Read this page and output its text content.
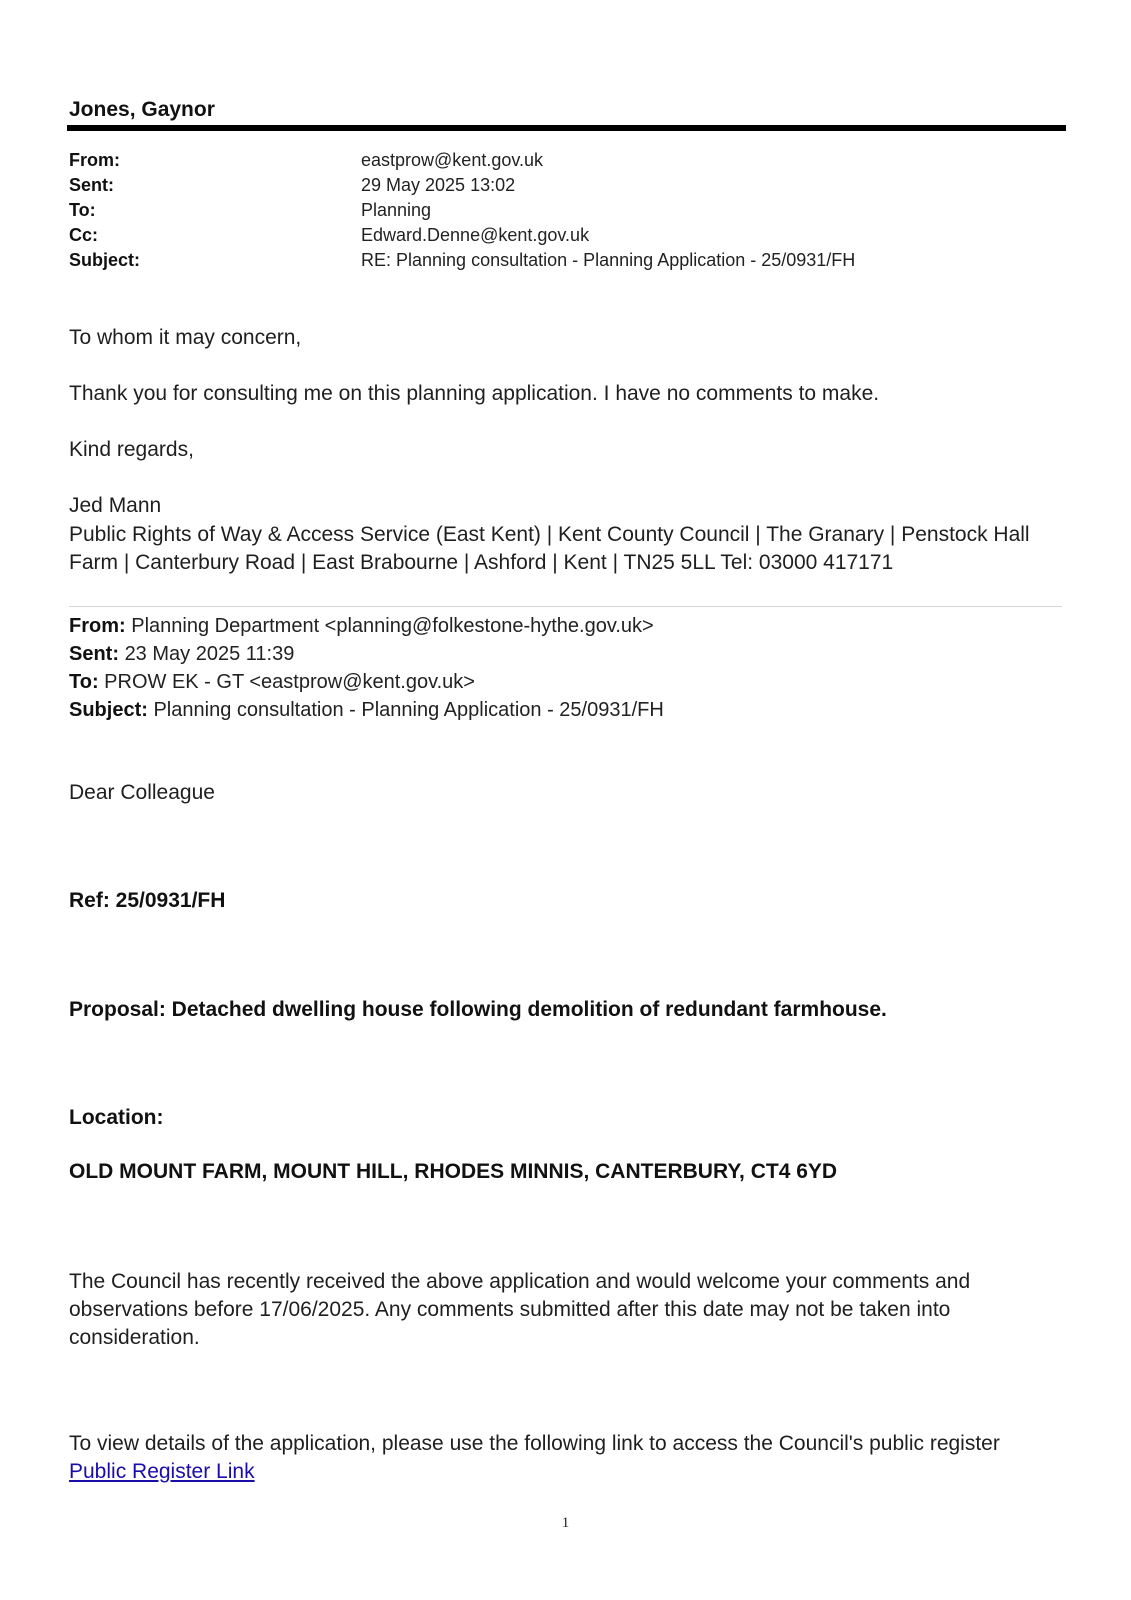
Jones, Gaynor
From:	eastprow@kent.gov.uk
Sent:	29 May 2025 13:02
To:	Planning
Cc:	Edward.Denne@kent.gov.uk
Subject:	RE: Planning consultation - Planning Application - 25/0931/FH
To whom it may concern,
Thank you for consulting me on this planning application. I have no comments to make.
Kind regards,
Jed Mann
Public Rights of Way & Access Service (East Kent) | Kent County Council | The Granary | Penstock Hall Farm | Canterbury Road | East Brabourne | Ashford | Kent | TN25 5LL Tel: 03000 417171
From: Planning Department <planning@folkestone-hythe.gov.uk>
Sent: 23 May 2025 11:39
To: PROW EK - GT <eastprow@kent.gov.uk>
Subject: Planning consultation - Planning Application - 25/0931/FH
Dear Colleague
Ref: 25/0931/FH
Proposal: Detached dwelling house following demolition of redundant farmhouse.
Location:
OLD MOUNT FARM, MOUNT HILL, RHODES MINNIS, CANTERBURY, CT4 6YD
The Council has recently received the above application and would welcome your comments and observations before 17/06/2025. Any comments submitted after this date may not be taken into consideration.
To view details of the application, please use the following link to access the Council's public register
Public Register Link
1
